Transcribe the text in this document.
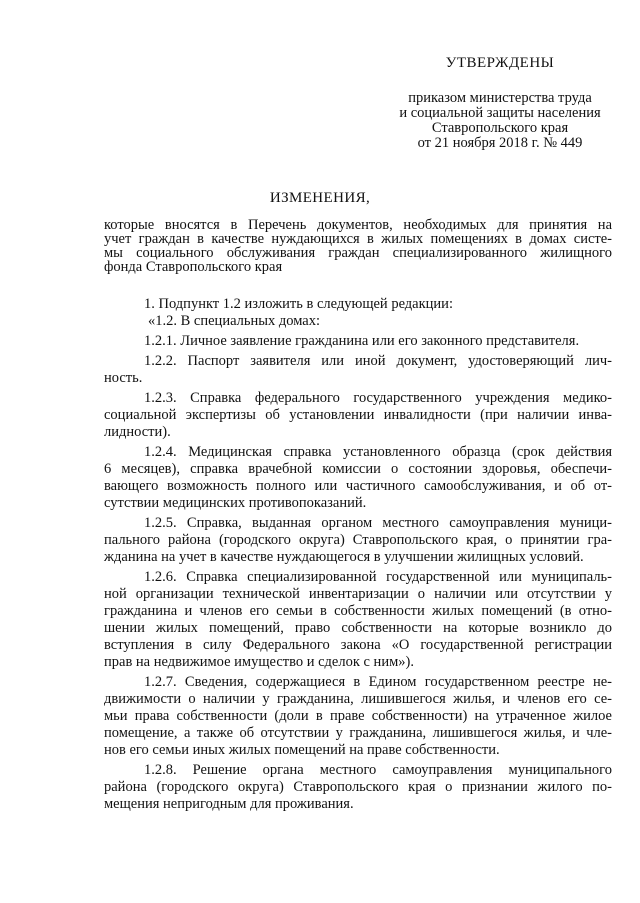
УТВЕРЖДЕНЫ
приказом министерства труда
и социальной защиты населения
Ставропольского края
от 21 ноября 2018 г. № 449
ИЗМЕНЕНИЯ,
которые вносятся в Перечень документов, необходимых для принятия на
учет граждан в качестве нуждающихся в жилых помещениях в домах систе-
мы социального обслуживания граждан специализированного жилищного
фонда Ставропольского края
1. Подпункт 1.2 изложить в следующей редакции:
«1.2. В специальных домах:
1.2.1. Личное заявление гражданина или его законного представителя.
1.2.2. Паспорт заявителя или иной документ, удостоверяющий лич-
ность.
1.2.3. Справка федерального государственного учреждения медико-
социальной экспертизы об установлении инвалидности (при наличии инва-
лидности).
1.2.4. Медицинская справка установленного образца (срок действия
6 месяцев), справка врачебной комиссии о состоянии здоровья, обеспечи-
вающего возможность полного или частичного самообслуживания, и об от-
сутствии медицинских противопоказаний.
1.2.5. Справка, выданная органом местного самоуправления муници-
пального района (городского округа) Ставропольского края, о принятии гра-
жданина на учет в качестве нуждающегося в улучшении жилищных условий.
1.2.6. Справка специализированной государственной или муниципаль-
ной организации технической инвентаризации о наличии или отсутствии у
гражданина и членов его семьи в собственности жилых помещений (в отно-
шении жилых помещений, право собственности на которые возникло до
вступления в силу Федерального закона «О государственной регистрации
прав на недвижимое имущество и сделок с ним»).
1.2.7. Сведения, содержащиеся в Едином государственном реестре не-
движимости о наличии у гражданина, лишившегося жилья, и членов его се-
мьи права собственности (доли в праве собственности) на утраченное жилое
помещение, а также об отсутствии у гражданина, лишившегося жилья, и чле-
нов его семьи иных жилых помещений на праве собственности.
1.2.8. Решение органа местного самоуправления муниципального
района (городского округа) Ставропольского края о признании жилого по-
мещения непригодным для проживания.
